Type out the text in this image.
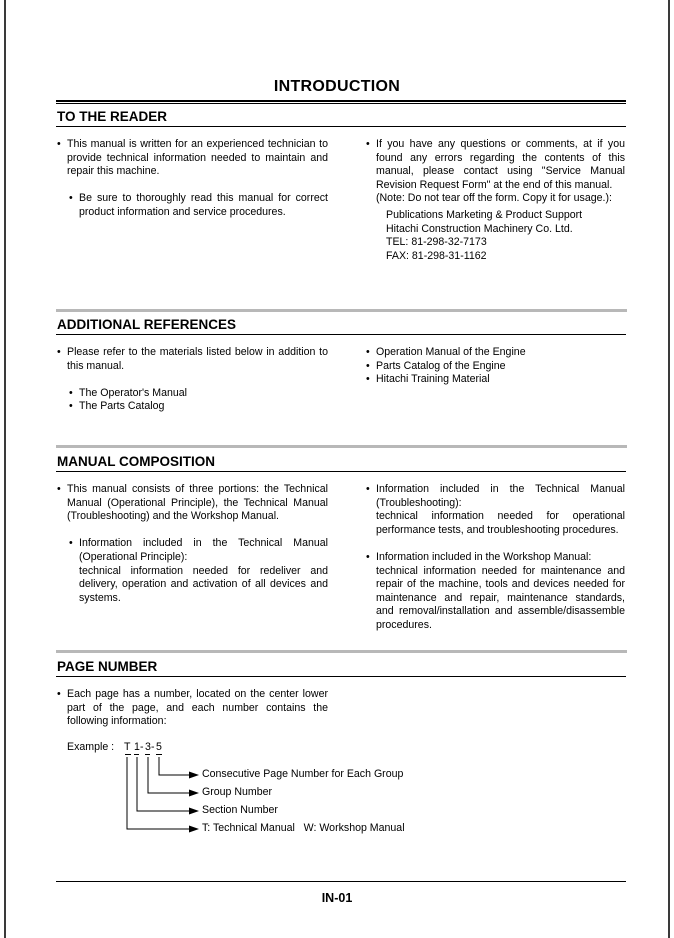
INTRODUCTION
TO THE READER
• This manual is written for an experienced technician to provide technical information needed to maintain and repair this machine.
• Be sure to thoroughly read this manual for correct product information and service procedures.
• If you have any questions or comments, at if you found any errors regarding the contents of this manual, please contact using "Service Manual Revision Request Form" at the end of this manual.
(Note: Do not tear off the form. Copy it for usage.):
Publications Marketing & Product Support
Hitachi Construction Machinery Co. Ltd.
TEL: 81-298-32-7173
FAX: 81-298-31-1162
ADDITIONAL REFERENCES
• Please refer to the materials listed below in addition to this manual.
• The Operator's Manual
• The Parts Catalog
• Operation Manual of the Engine
• Parts Catalog of the Engine
• Hitachi Training Material
MANUAL COMPOSITION
• This manual consists of three portions: the Technical Manual (Operational Principle), the Technical Manual (Troubleshooting) and the Workshop Manual.
• Information included in the Technical Manual (Operational Principle):
technical information needed for redeliver and delivery, operation and activation of all devices and systems.
• Information included in the Technical Manual (Troubleshooting):
technical information needed for operational performance tests, and troubleshooting procedures.
• Information included in the Workshop Manual:
technical information needed for maintenance and repair of the machine, tools and devices needed for maintenance and repair, maintenance standards, and removal/installation and assemble/disassemble procedures.
PAGE NUMBER
• Each page has a number, located on the center lower part of the page, and each number contains the following information:
Example : T 1 - 3 - 5
Consecutive Page Number for Each Group
Group Number
Section Number
T: Technical Manual   W: Workshop Manual
IN-01
